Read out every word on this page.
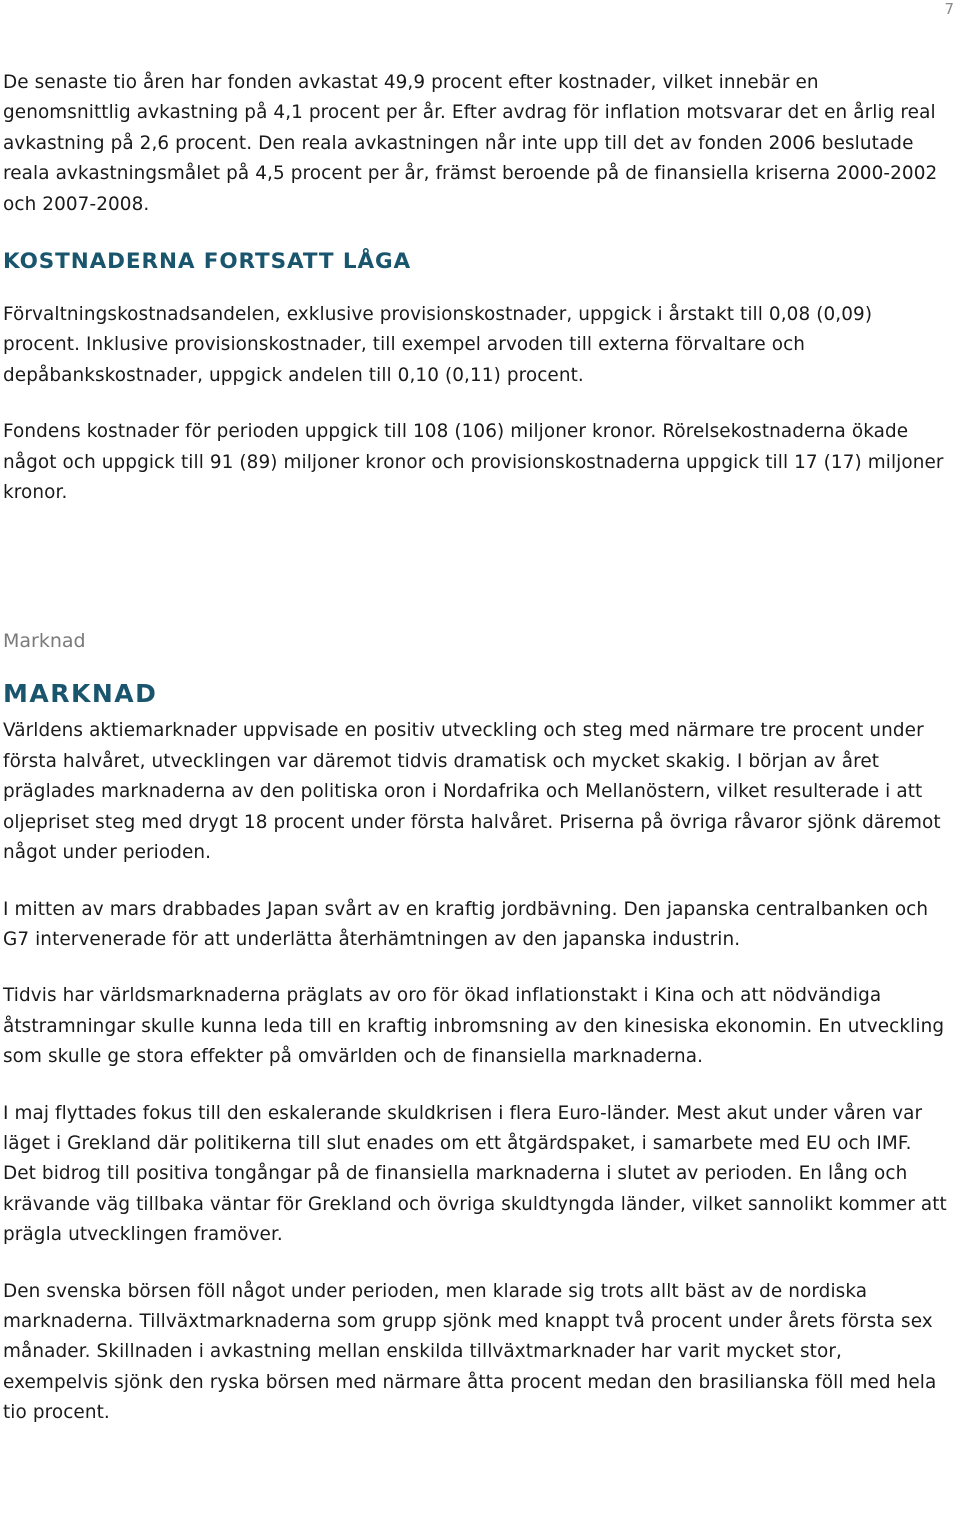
7

De senaste tio åren har fonden avkastat 49,9 procent efter kostnader, vilket innebär en genomsnittlig avkastning på 4,1 procent per år. Efter avdrag för inflation motsvarar det en årlig real avkastning på 2,6 procent. Den reala avkastningen når inte upp till det av fonden 2006 beslutade reala avkastningsmålet på 4,5 procent per år, främst beroende på de finansiella kriserna 2000-2002 och 2007-2008.

KOSTNADERNA FORTSATT LÅGA

Förvaltningskostnadsandelen, exklusive provisionskostnader, uppgick i årstakt till 0,08 (0,09) procent. Inklusive provisionskostnader, till exempel arvoden till externa förvaltare och depåbankskostnader, uppgick andelen till 0,10 (0,11) procent.

Fondens kostnader för perioden uppgick till 108 (106) miljoner kronor. Rörelsekostnaderna ökade något och uppgick till 91 (89) miljoner kronor och provisionskostnaderna uppgick till 17 (17) miljoner kronor.

Marknad
MARKNAD

Världens aktiemarknader uppvisade en positiv utveckling och steg med närmare tre procent under första halvåret, utvecklingen var däremot tidvis dramatisk och mycket skakig. I början av året präglades marknaderna av den politiska oron i Nordafrika och Mellanöstern, vilket resulterade i att oljepriset steg med drygt 18 procent under första halvåret. Priserna på övriga råvaror sjönk däremot något under perioden.

I mitten av mars drabbades Japan svårt av en kraftig jordbävning. Den japanska centralbanken och G7 intervenerade för att underlätta återhämtningen av den japanska industrin.

Tidvis har världsmarknaderna präglats av oro för ökad inflationstakt i Kina och att nödvändiga åtstramningar skulle kunna leda till en kraftig inbromsning av den kinesiska ekonomin. En utveckling som skulle ge stora effekter på omvärlden och de finansiella marknaderna.

I maj flyttades fokus till den eskalerande skuldkrisen i flera Euro-länder. Mest akut under våren var läget i Grekland där politikerna till slut enades om ett åtgärdspaket, i samarbete med EU och IMF. Det bidrog till positiva tongångar på de finansiella marknaderna i slutet av perioden. En lång och krävande väg tillbaka väntar för Grekland och övriga skuldtyngda länder, vilket sannolikt kommer att prägla utvecklingen framöver.

Den svenska börsen föll något under perioden, men klarade sig trots allt bäst av de nordiska marknaderna. Tillväxtmarknaderna som grupp sjönk med knappt två procent under årets första sex månader. Skillnaden i avkastning mellan enskilda tillväxtmarknader har varit mycket stor, exempelvis sjönk den ryska börsen med närmare åtta procent medan den brasilianska föll med hela tio procent.
